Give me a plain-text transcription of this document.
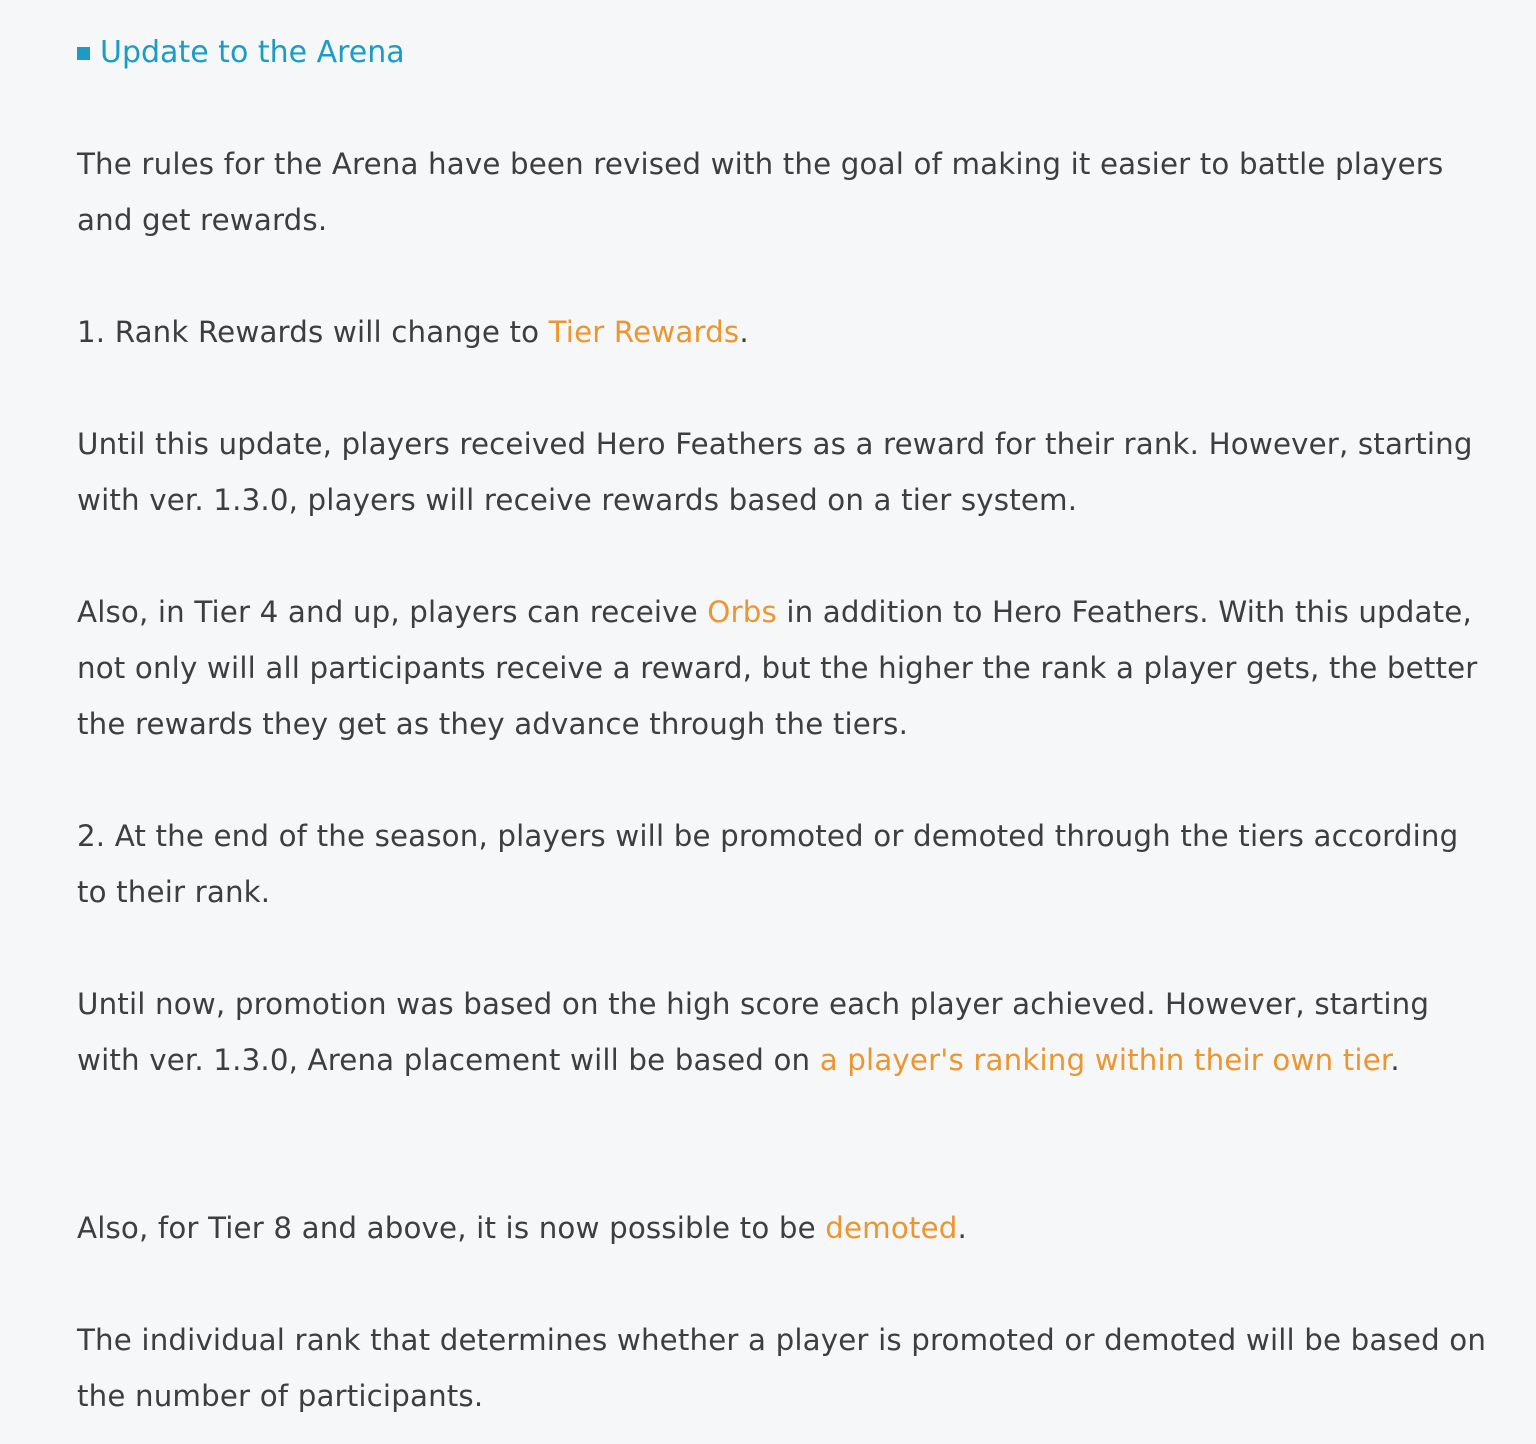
Update to the Arena

The rules for the Arena have been revised with the goal of making it easier to battle players and get rewards.

1. Rank Rewards will change to Tier Rewards.

Until this update, players received Hero Feathers as a reward for their rank. However, starting with ver. 1.3.0, players will receive rewards based on a tier system.

Also, in Tier 4 and up, players can receive Orbs in addition to Hero Feathers. With this update, not only will all participants receive a reward, but the higher the rank a player gets, the better the rewards they get as they advance through the tiers.

2. At the end of the season, players will be promoted or demoted through the tiers according to their rank.

Until now, promotion was based on the high score each player achieved. However, starting with ver. 1.3.0, Arena placement will be based on a player's ranking within their own tier.

Also, for Tier 8 and above, it is now possible to be demoted.

The individual rank that determines whether a player is promoted or demoted will be based on the number of participants.
